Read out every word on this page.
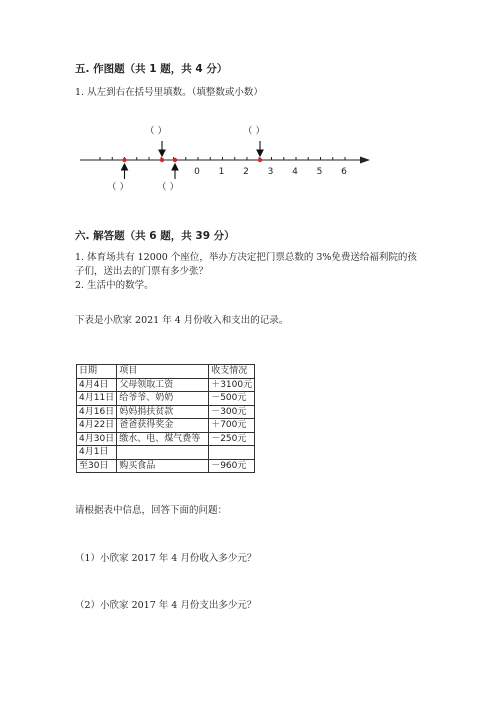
五. 作图题（共 1 题，共 4 分）
1. 从左到右在括号里填数。（填整数或小数）
0 1 2 3 4 5 6
（ ）	（ ）
（ ）	（ ）
六. 解答题（共 6 题，共 39 分）
1. 体育场共有 12000 个座位，举办方决定把门票总数的 3%免费送给福利院的孩
子们，送出去的门票有多少张？
2. 生活中的数学。
下表是小欣家 2021 年 4 月份收入和支出的记录。
日期	项目	收支情况
4月4日	父母领取工资	＋3100元
4月11日	给爷爷、奶奶	－500元
4月16日	妈妈捐扶贫款	－300元
4月22日	爸爸获得奖金	＋700元
4月30日	缴水、电、煤气费等	－250元
4月1日		
至30日	购买食品	－960元
请根据表中信息，回答下面的问题：
（1）小欣家 2017 年 4 月份收入多少元？
（2）小欣家 2017 年 4 月份支出多少元？
